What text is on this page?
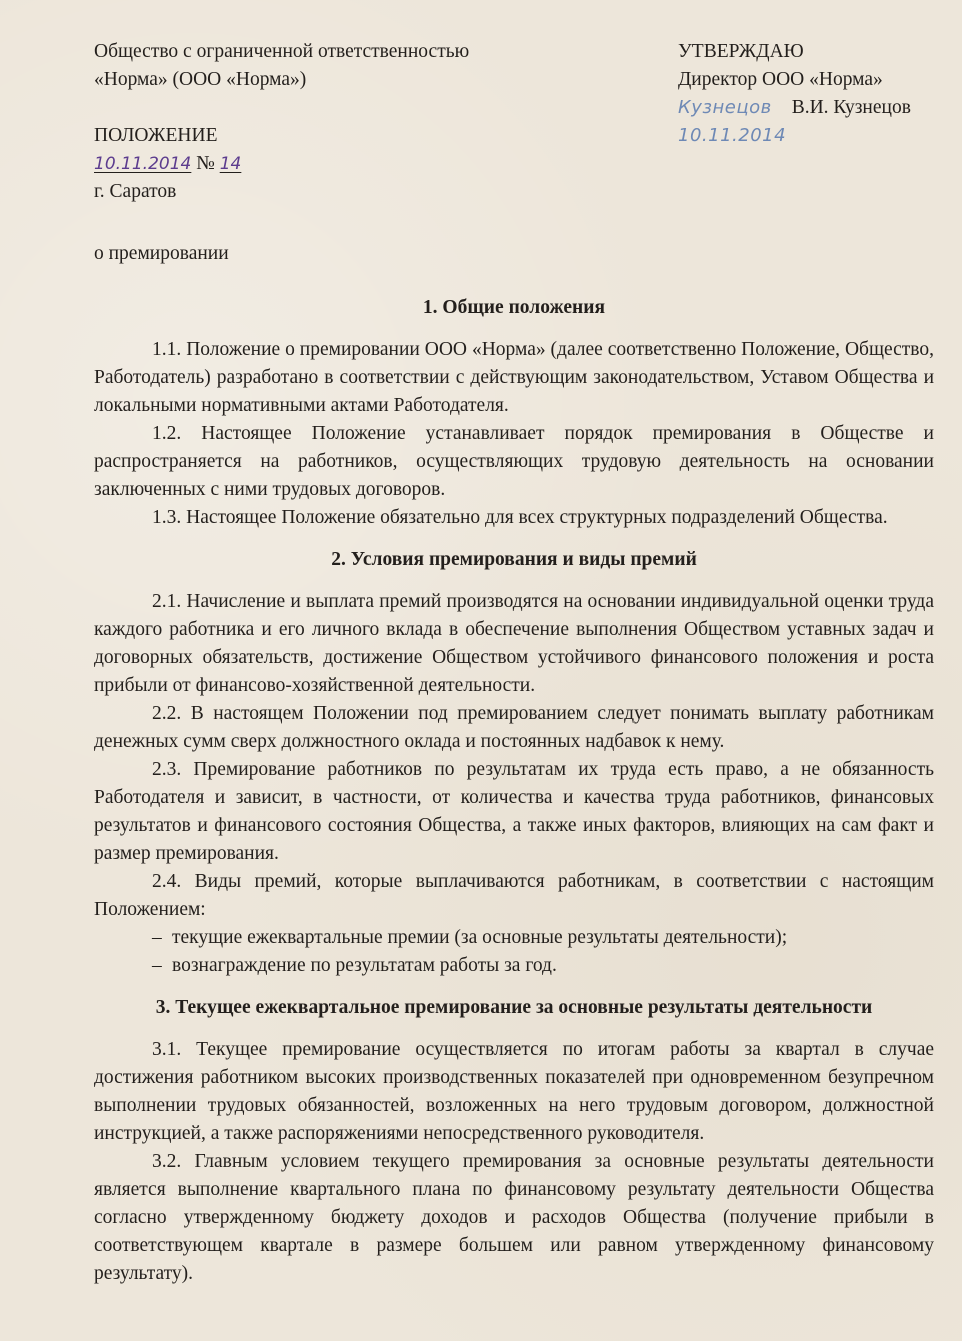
Общество с ограниченной ответственностью
«Норма» (ООО «Норма»)
ПОЛОЖЕНИЕ
10.11.2014 № 14
г. Саратов
УТВЕРЖДАЮ
Директор ООО «Норма»
Кузнецов В.И. Кузнецов
10.11.2014
о премировании
1. Общие положения

1.1. Положение о премировании ООО «Норма» (далее соответственно Положение, Общество, Работодатель) разработано в соответствии с действующим законодательством, Уставом Общества и локальными нормативными актами Работодателя.

1.2. Настоящее Положение устанавливает порядок премирования в Обществе и распространяется на работников, осуществляющих трудовую деятельность на основании заключенных с ними трудовых договоров.

1.3. Настоящее Положение обязательно для всех структурных подразделений Общества.

2. Условия премирования и виды премий

2.1. Начисление и выплата премий производятся на основании индивидуальной оценки труда каждого работника и его личного вклада в обеспечение выполнения Обществом уставных задач и договорных обязательств, достижение Обществом устойчивого финансового положения и роста прибыли от финансово-хозяйственной деятельности.

2.2. В настоящем Положении под премированием следует понимать выплату работникам денежных сумм сверх должностного оклада и постоянных надбавок к нему.

2.3. Премирование работников по результатам их труда есть право, а не обязанность Работодателя и зависит, в частности, от количества и качества труда работников, финансовых результатов и финансового состояния Общества, а также иных факторов, влияющих на сам факт и размер премирования.

2.4. Виды премий, которые выплачиваются работникам, в соответствии с настоящим Положением:

– текущие ежеквартальные премии (за основные результаты деятельности);
– вознаграждение по результатам работы за год.
3. Текущее ежеквартальное премирование за основные результаты деятельности

3.1. Текущее премирование осуществляется по итогам работы за квартал в случае достижения работником высоких производственных показателей при одновременном безупречном выполнении трудовых обязанностей, возложенных на него трудовым договором, должностной инструкцией, а также распоряжениями непосредственного руководителя.

3.2. Главным условием текущего премирования за основные результаты деятельности является выполнение квартального плана по финансовому результату деятельности Общества согласно утвержденному бюджету доходов и расходов Общества (получение прибыли в соответствующем квартале в размере большем или равном утвержденному финансовому результату).
